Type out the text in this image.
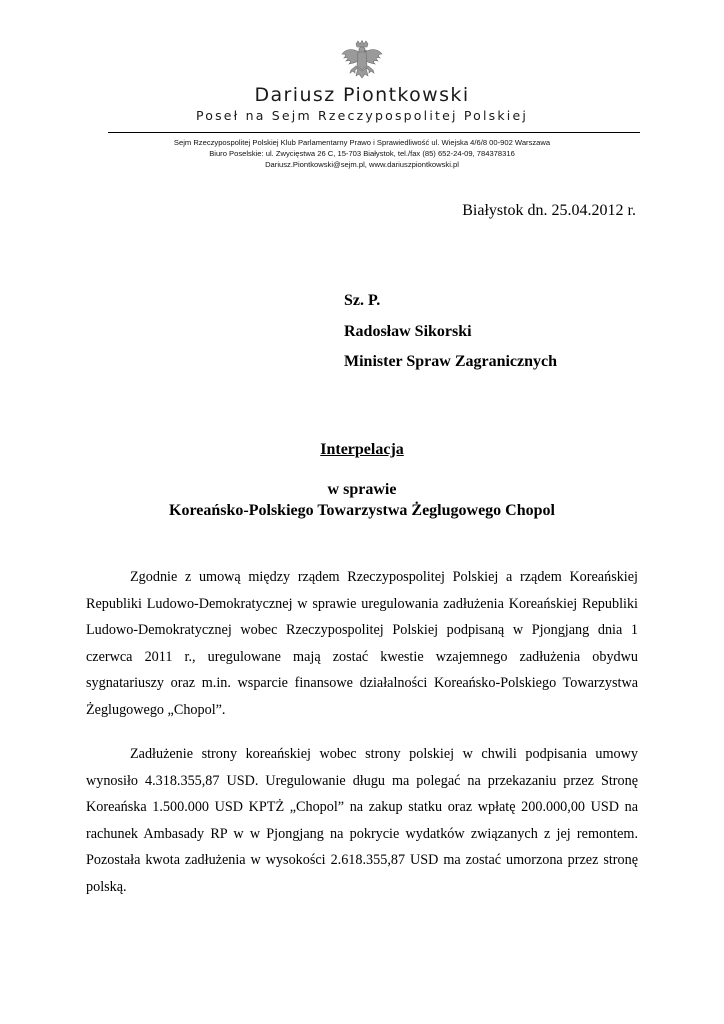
Dariusz Piontkowski
Poseł na Sejm Rzeczypospolitej Polskiej
Sejm Rzeczypospolitej Polskiej Klub Parlamentarny Prawo i Sprawiedliwość ul. Wiejska 4/6/8 00-902 Warszawa
Biuro Poselskie: ul. Zwycięstwa 26 C, 15-703 Białystok, tel./fax (85) 652-24-09, 784378316
Dariusz.Piontkowski@sejm.pl, www.dariuszpiontkowski.pl
Białystok dn. 25.04.2012 r.
Sz. P.
Radosław Sikorski
Minister Spraw Zagranicznych
Interpelacja
w sprawie
Koreańsko-Polskiego Towarzystwa Żeglugowego Chopol

Zgodnie z umową między rządem Rzeczypospolitej Polskiej a rządem Koreańskiej Republiki Ludowo-Demokratycznej w sprawie uregulowania zadłużenia Koreańskiej Republiki Ludowo-Demokratycznej wobec Rzeczypospolitej Polskiej podpisaną w Pjongjang dnia 1 czerwca 2011 r., uregulowane mają zostać kwestie wzajemnego zadłużenia obydwu sygnatariuszy oraz m.in. wsparcie finansowe działalności Koreańsko-Polskiego Towarzystwa Żeglugowego „Chopol”.

Zadłużenie strony koreańskiej wobec strony polskiej w chwili podpisania umowy wynosiło 4.318.355,87 USD. Uregulowanie długu ma polegać na przekazaniu przez Stronę Koreańska 1.500.000 USD KPTŻ „Chopol” na zakup statku oraz wpłatę 200.000,00 USD na rachunek Ambasady RP w w Pjongjang na pokrycie wydatków związanych z jej remontem. Pozostała kwota zadłużenia w wysokości 2.618.355,87 USD ma zostać umorzona przez stronę polską.
